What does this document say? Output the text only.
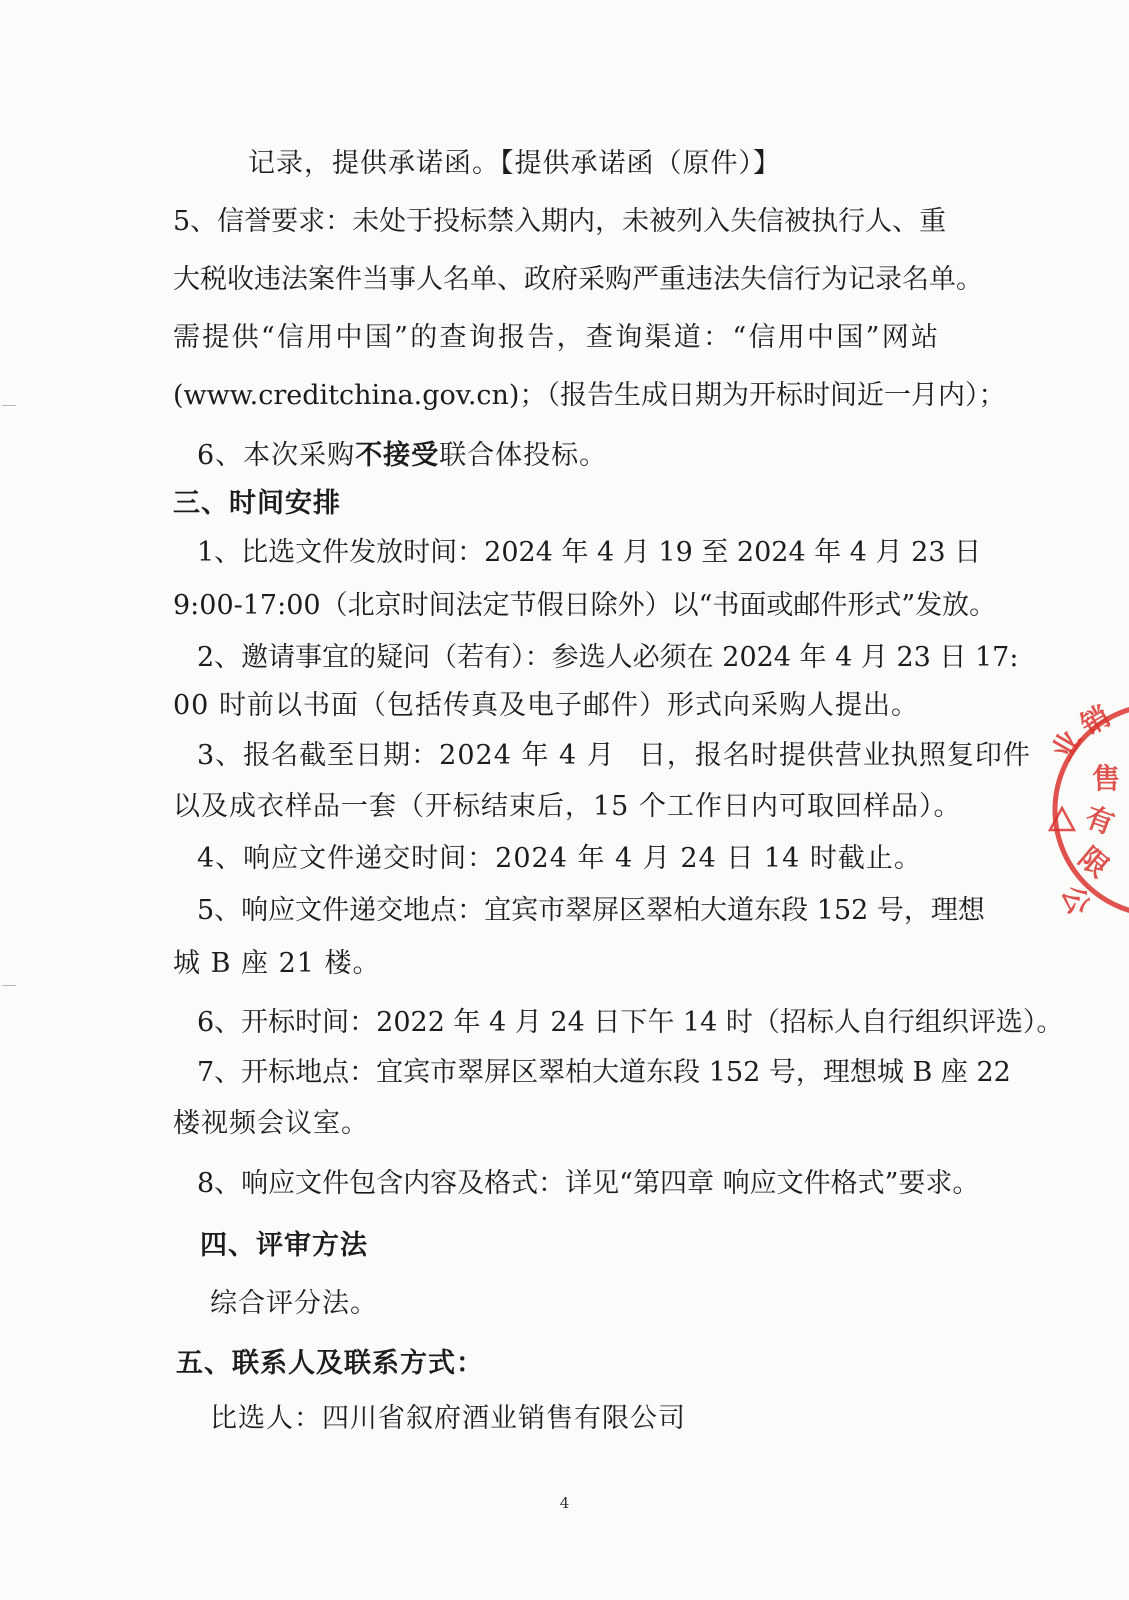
记录，提供承诺函。【提供承诺函（原件）】
5、信誉要求：未处于投标禁入期内，未被列入失信被执行人、重
大税收违法案件当事人名单、政府采购严重违法失信行为记录名单。
需提供“信用中国”的查询报告，查询渠道：“信用中国”网站
(www.creditchina.gov.cn)；（报告生成日期为开标时间近一月内）；
6、本次采购不接受联合体投标。
三、时间安排
1、比选文件发放时间：2024 年 4 月 19 至 2024 年 4 月 23 日
9:00-17:00（北京时间法定节假日除外）以“书面或邮件形式”发放。
2、邀请事宜的疑问（若有）：参选人必须在 2024 年 4 月 23 日 17:
00 时前以书面（包括传真及电子邮件）形式向采购人提出。
3、报名截至日期：2024 年 4 月 日，报名时提供营业执照复印件
以及成衣样品一套（开标结束后，15 个工作日内可取回样品）。
4、响应文件递交时间：2024 年 4 月 24 日 14 时截止。
5、响应文件递交地点：宜宾市翠屏区翠柏大道东段 152 号，理想
城 B 座 21 楼。
6、开标时间：2022 年 4 月 24 日下午 14 时（招标人自行组织评选）。
7、开标地点：宜宾市翠屏区翠柏大道东段 152 号，理想城 B 座 22
楼视频会议室。
8、响应文件包含内容及格式：详见“第四章 响应文件格式”要求。
四、评审方法
综合评分法。
五、联系人及联系方式：
比选人：四川省叙府酒业销售有限公司
4
业
销
售
有
限
公
